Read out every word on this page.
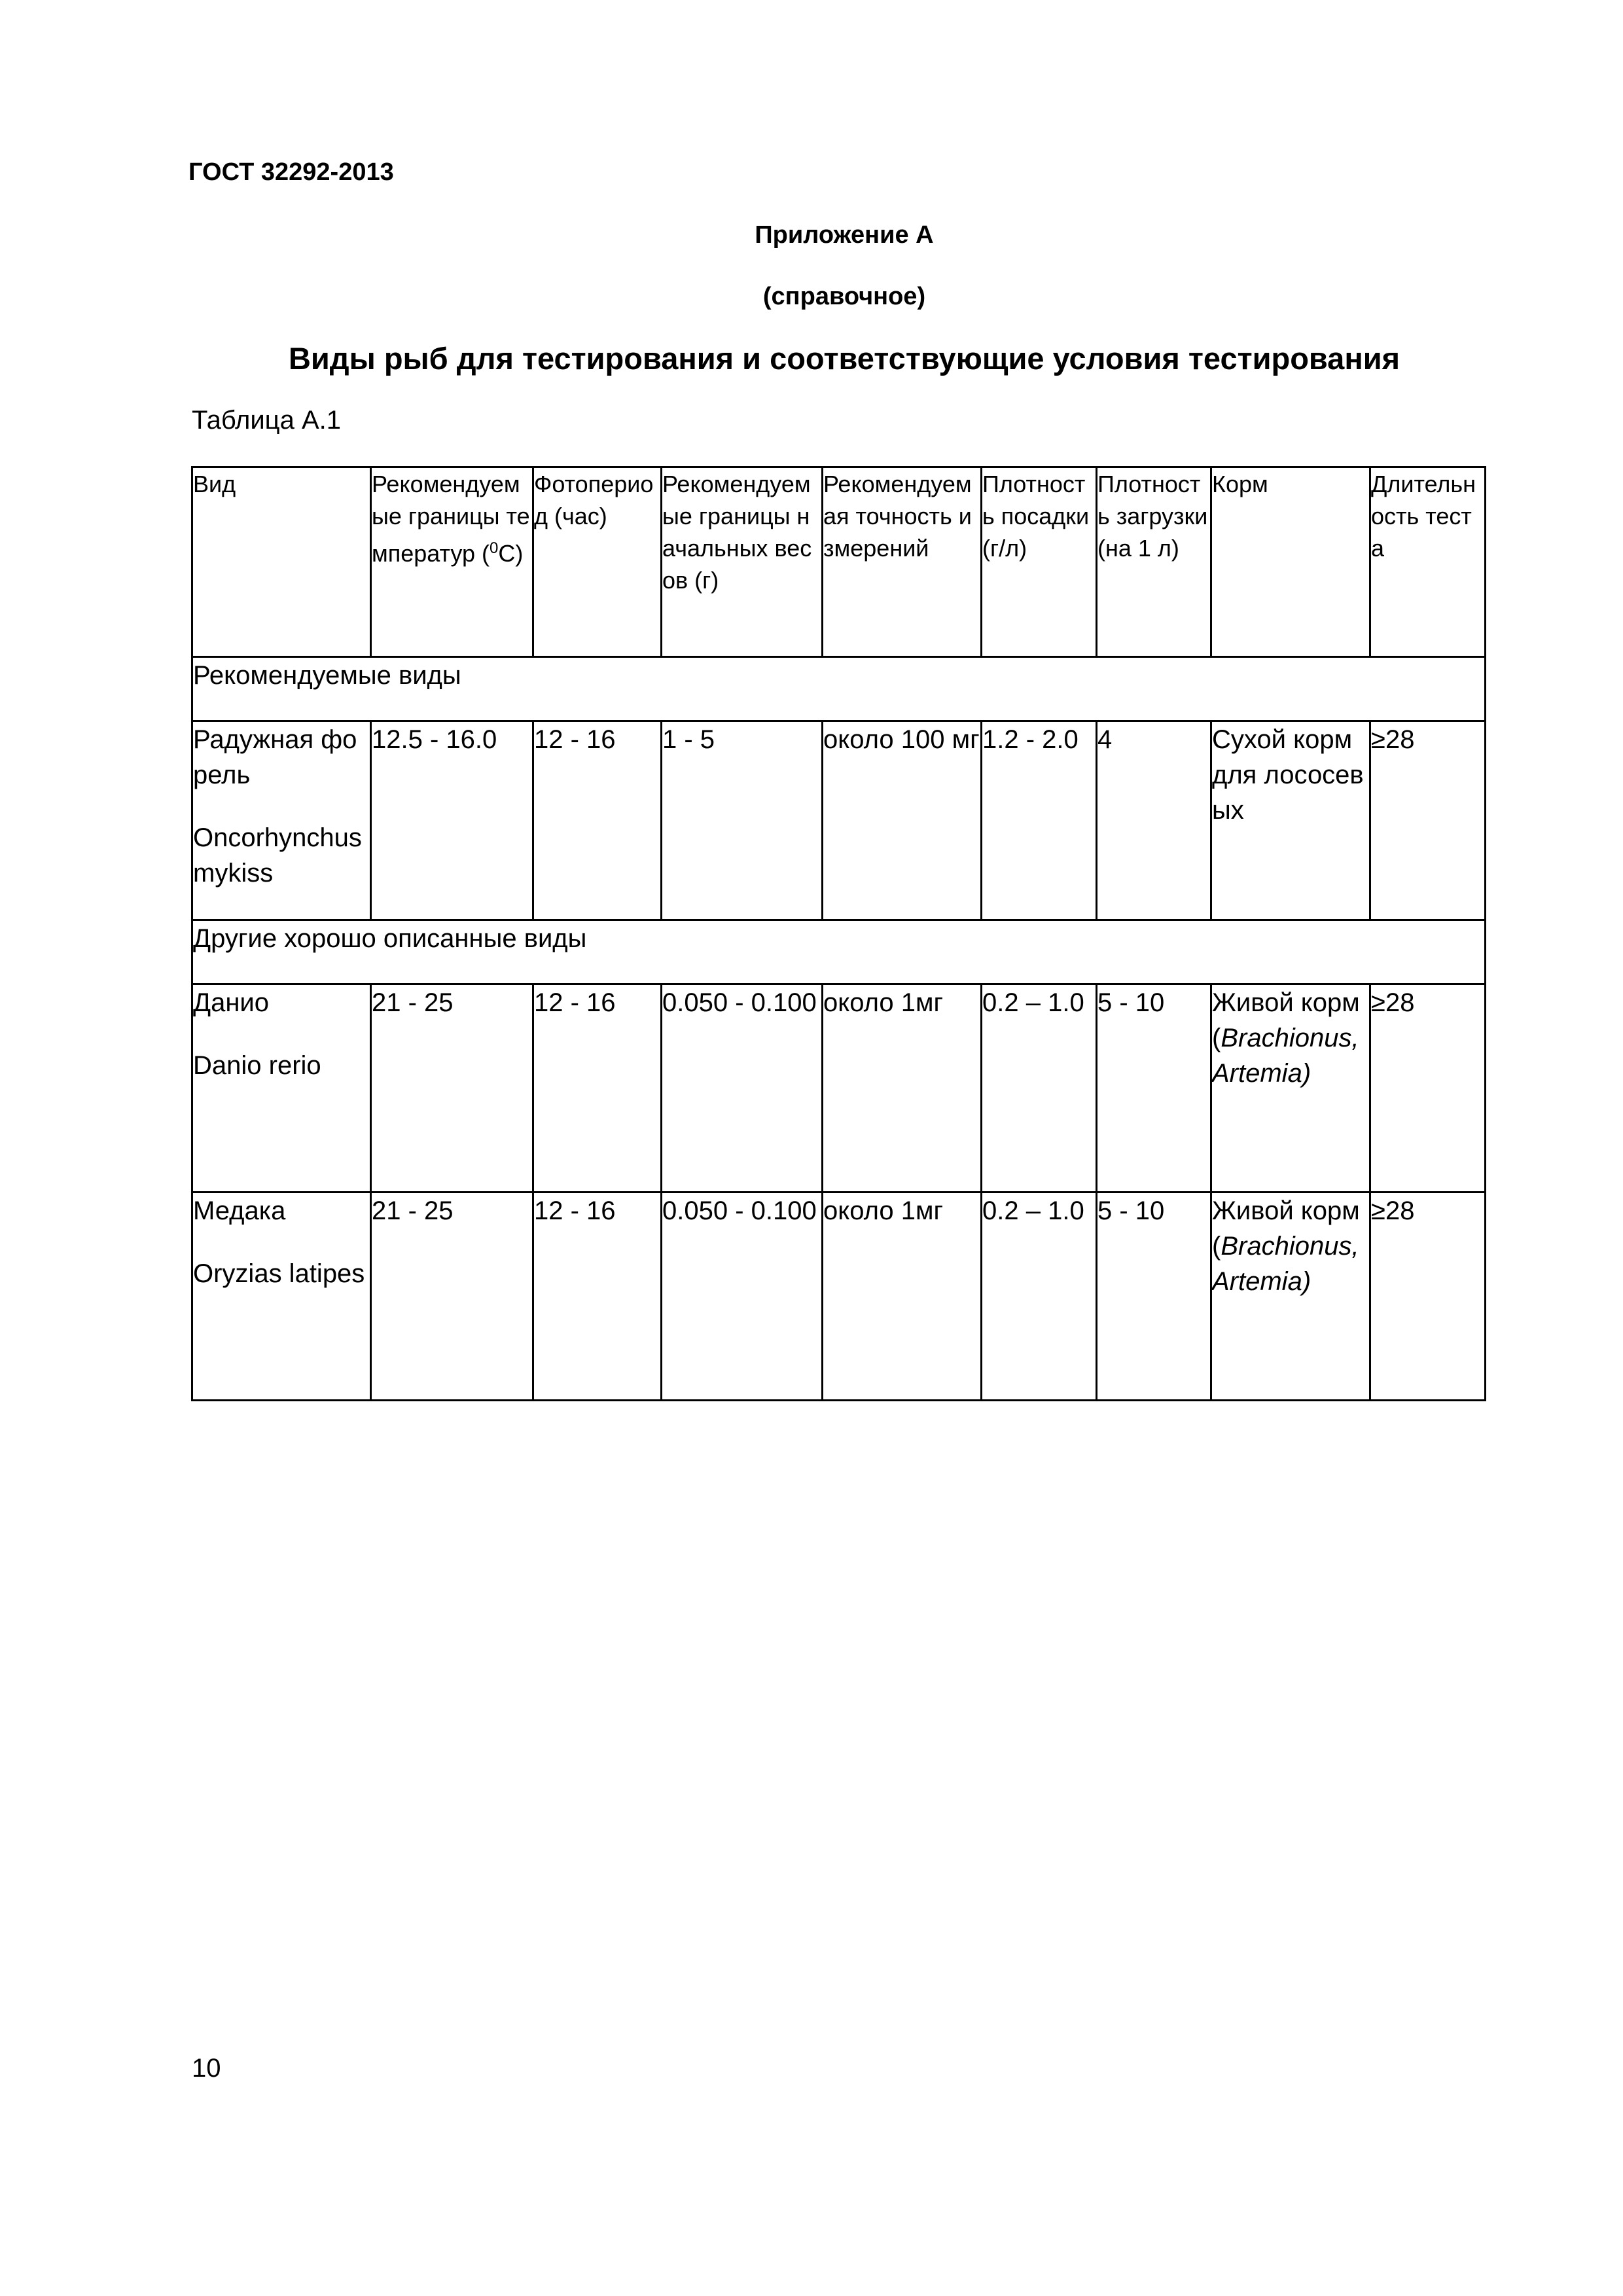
ГОСТ 32292-2013
Приложение А
(справочное)
Виды рыб для тестирования и соответствующие условия тестирования
Таблица А.1
Вид	Рекомендуемые границы температур ($^0$С)	Фотопериод (час)	Рекомендуемые границы начальных весов (г)	Рекомендуемая точность измерений	Плотность посадки (г/л)	Плотность загрузки (на 1 л)	Корм	Длительность теста
Рекомендуемые виды								

Радужная форель

Oncorhynchus mykiss	12.5 - 16.0	12 - 16	1 - 5	около 100 мг	1.2 - 2.0	4	Сухой корм для лососевых	≥28
Другие хорошо описанные виды								

Данио

Danio rerio	21 - 25	12 - 16	0.050 - 0.100	около 1мг	0.2 – 1.0	5 - 10	Живой корм (Brachionus, Artemia)	≥28

Медака

Oryzias latipes	21 - 25	12 - 16	0.050 - 0.100	около 1мг	0.2 – 1.0	5 - 10	Живой корм (Brachionus, Artemia)	≥28
10
